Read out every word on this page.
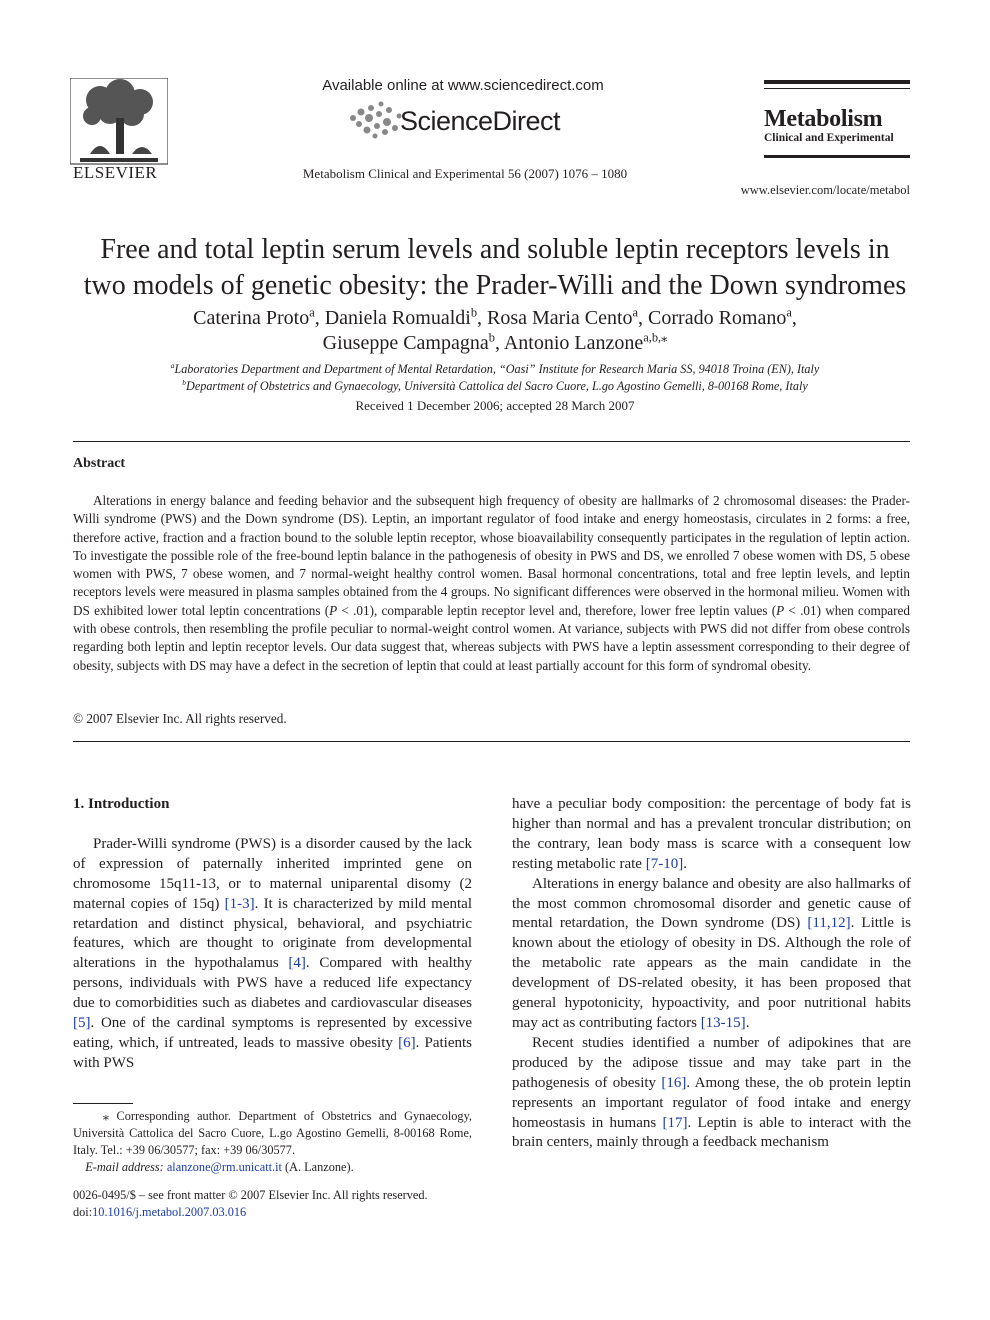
ELSEVIER
Available online at www.sciencedirect.com
ScienceDirect
Metabolism Clinical and Experimental 56 (2007) 1076 – 1080
Metabolism
Clinical and Experimental
www.elsevier.com/locate/metabol
Free and total leptin serum levels and soluble leptin receptors levels in
two models of genetic obesity: the Prader-Willi and the Down syndromes
Caterina Proto$^a$, Daniela Romualdi$^b$, Rosa Maria Cento$^a$, Corrado Romano$^a$,
Giuseppe Campagna$^b$, Antonio Lanzone$^{a,b,⁎}$
$^a$Laboratories Department and Department of Mental Retardation, “Oasi” Institute for Research Maria SS, 94018 Troina (EN), Italy
$^b$Department of Obstetrics and Gynaecology, Università Cattolica del Sacro Cuore, L.go Agostino Gemelli, 8-00168 Rome, Italy
Received 1 December 2006; accepted 28 March 2007
Abstract

Alterations in energy balance and feeding behavior and the subsequent high frequency of obesity are hallmarks of 2 chromosomal diseases: the Prader-Willi syndrome (PWS) and the Down syndrome (DS). Leptin, an important regulator of food intake and energy homeostasis, circulates in 2 forms: a free, therefore active, fraction and a fraction bound to the soluble leptin receptor, whose bioavailability consequently participates in the regulation of leptin action. To investigate the possible role of the free-bound leptin balance in the pathogenesis of obesity in PWS and DS, we enrolled 7 obese women with DS, 5 obese women with PWS, 7 obese women, and 7 normal-weight healthy control women. Basal hormonal concentrations, total and free leptin levels, and leptin receptors levels were measured in plasma samples obtained from the 4 groups. No significant differences were observed in the hormonal milieu. Women with DS exhibited lower total leptin concentrations (P < .01), comparable leptin receptor level and, therefore, lower free leptin values (P < .01) when compared with obese controls, then resembling the profile peculiar to normal-weight control women. At variance, subjects with PWS did not differ from obese controls regarding both leptin and leptin receptor levels. Our data suggest that, whereas subjects with PWS have a leptin assessment corresponding to their degree of obesity, subjects with DS may have a defect in the secretion of leptin that could at least partially account for this form of syndromal obesity.

© 2007 Elsevier Inc. All rights reserved.
1. Introduction

Prader-Willi syndrome (PWS) is a disorder caused by the lack of expression of paternally inherited imprinted gene on chromosome 15q11-13, or to maternal uniparental disomy (2 maternal copies of 15q) [1-3]. It is characterized by mild mental retardation and distinct physical, behavioral, and psychiatric features, which are thought to originate from developmental alterations in the hypothalamus [4]. Compared with healthy persons, individuals with PWS have a reduced life expectancy due to comorbidities such as diabetes and cardiovascular diseases [5]. One of the cardinal symptoms is represented by excessive eating, which, if untreated, leads to massive obesity [6]. Patients with PWS

have a peculiar body composition: the percentage of body fat is higher than normal and has a prevalent troncular distribution; on the contrary, lean body mass is scarce with a consequent low resting metabolic rate [7-10].

Alterations in energy balance and obesity are also hallmarks of the most common chromosomal disorder and genetic cause of mental retardation, the Down syndrome (DS) [11,12]. Little is known about the etiology of obesity in DS. Although the role of the metabolic rate appears as the main candidate in the development of DS-related obesity, it has been proposed that general hypotonicity, hypoactivity, and poor nutritional habits may act as contributing factors [13-15].

Recent studies identified a number of adipokines that are produced by the adipose tissue and may take part in the pathogenesis of obesity [16]. Among these, the ob protein leptin represents an important regulator of food intake and energy homeostasis in humans [17]. Leptin is able to interact with the brain centers, mainly through a feedback mechanism

⁎ Corresponding author. Department of Obstetrics and Gynaecology, Università Cattolica del Sacro Cuore, L.go Agostino Gemelli, 8-00168 Rome, Italy. Tel.: +39 06/30577; fax: +39 06/30577.

E-mail address: alanzone@rm.unicatt.it (A. Lanzone).

0026-0495/$ – see front matter © 2007 Elsevier Inc. All rights reserved.

doi:10.1016/j.metabol.2007.03.016
